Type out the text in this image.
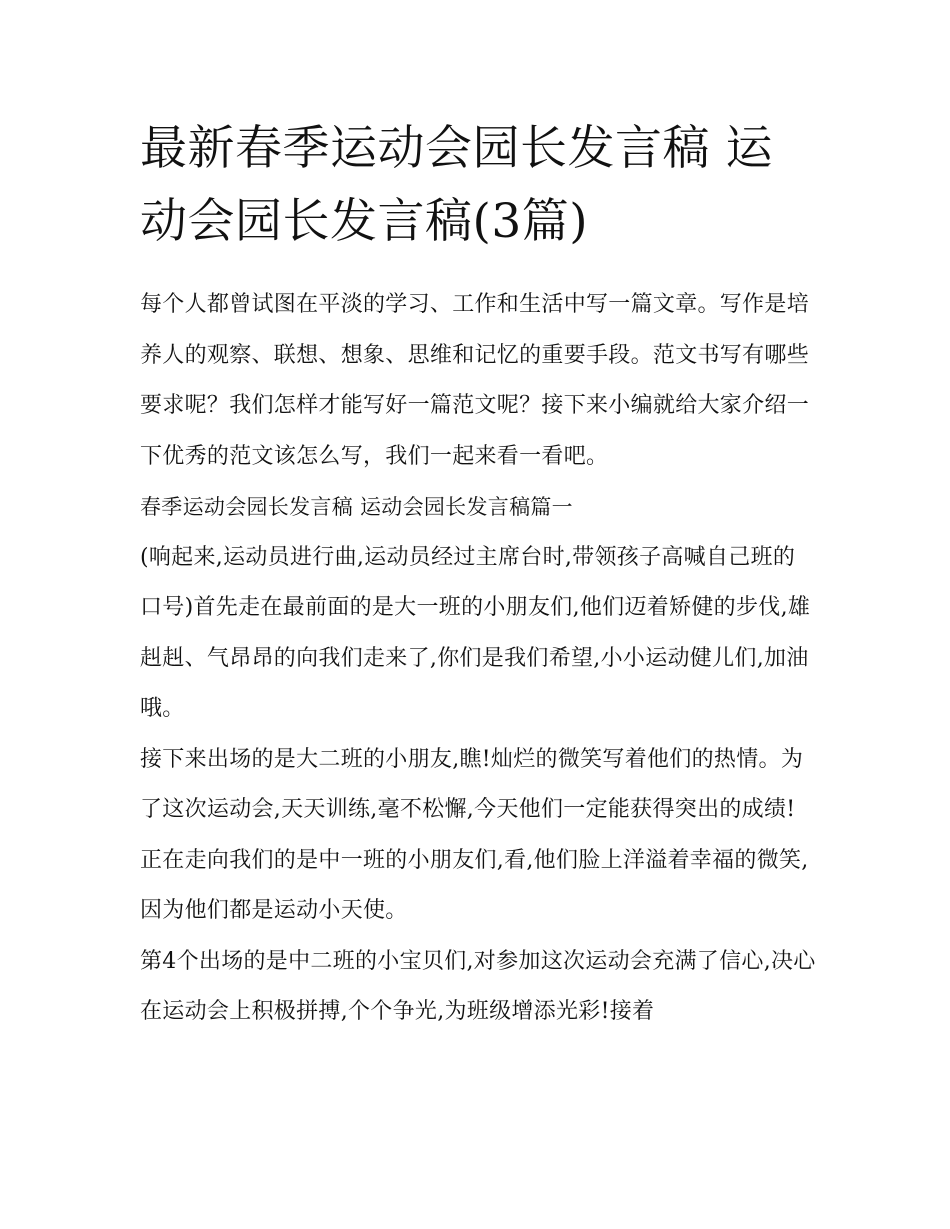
最新春季运动会园长发言稿 运动会园长发言稿(3篇)

每个人都曾试图在平淡的学习、工作和生活中写一篇文章。写作是培养人的观察、联想、想象、思维和记忆的重要手段。范文书写有哪些要求呢？我们怎样才能写好一篇范文呢？接下来小编就给大家介绍一下优秀的范文该怎么写，我们一起来看一看吧。

春季运动会园长发言稿 运动会园长发言稿篇一

(响起来,运动员进行曲,运动员经过主席台时,带领孩子高喊自己班的口号)首先走在最前面的是大一班的小朋友们,他们迈着矫健的步伐,雄赳赳、气昂昂的向我们走来了,你们是我们希望,小小运动健儿们,加油哦。

接下来出场的是大二班的小朋友,瞧!灿烂的微笑写着他们的热情。为了这次运动会,天天训练,毫不松懈,今天他们一定能获得突出的成绩!正在走向我们的是中一班的小朋友们,看,他们脸上洋溢着幸福的微笑,因为他们都是运动小天使。

第4个出场的是中二班的小宝贝们,对参加这次运动会充满了信心,决心在运动会上积极拼搏,个个争光,为班级增添光彩!接着
